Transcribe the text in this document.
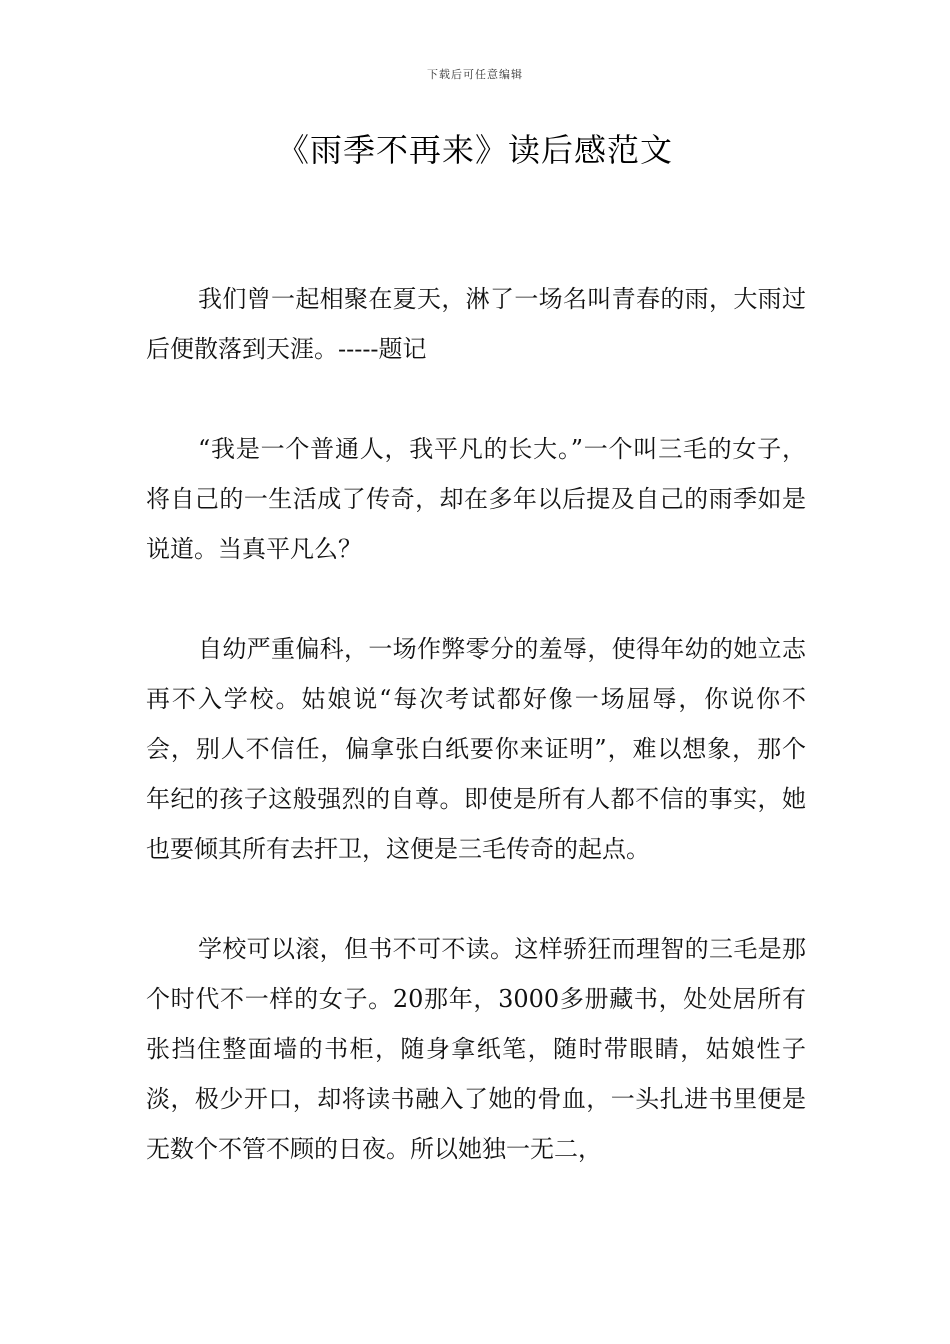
下载后可任意编辑
《雨季不再来》读后感范文

我们曾一起相聚在夏天，淋了一场名叫青春的雨，大雨过后便散落到天涯。-----题记

“我是一个普通人，我平凡的长大。”一个叫三毛的女子，将自己的一生活成了传奇，却在多年以后提及自己的雨季如是说道。当真平凡么？

自幼严重偏科，一场作弊零分的羞辱，使得年幼的她立志再不入学校。姑娘说“每次考试都好像一场屈辱，你说你不会，别人不信任，偏拿张白纸要你来证明”，难以想象，那个年纪的孩子这般强烈的自尊。即使是所有人都不信的事实，她也要倾其所有去扞卫，这便是三毛传奇的起点。

学校可以滚，但书不可不读。这样骄狂而理智的三毛是那个时代不一样的女子。20那年，3000多册藏书，处处居所有张挡住整面墙的书柜，随身拿纸笔，随时带眼睛，姑娘性子淡，极少开口，却将读书融入了她的骨血，一头扎进书里便是无数个不管不顾的日夜。所以她独一无二，
